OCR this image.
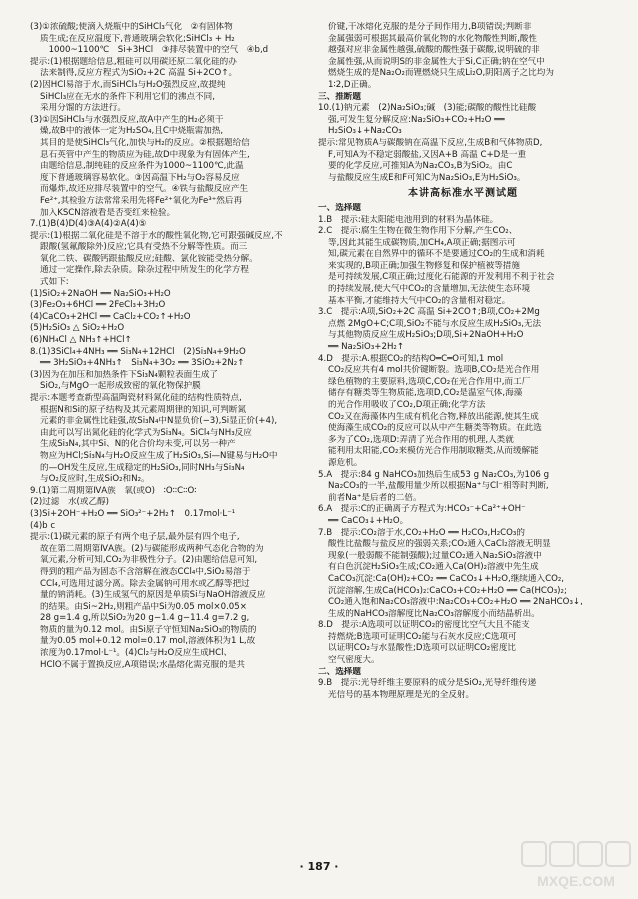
(3)①浓硫酸;使滴入烧瓶中的SiHCl₃气化　②有固体物
质生成;在反应温度下,普通玻璃会软化;SiHCl₃ + H₂
　1000~1100℃　Si+3HCl　③排尽装置中的空气　④b,d
提示:(1)根据题给信息,粗硅可以用碳还原二氧化硅的办
法来制得,反应方程式为SiO₂+2C 高温 Si+2CO↑。
(2)因HCl易溶于水,而SiHCl₃与H₂O强烈反应,故提纯
SiHCl₃应在无水的条件下利用它们的沸点不同,
采用分馏的方法进行。
(3)①因SiHCl₃与水强烈反应,故A中产生的H₂必须干
燥,故B中的液体一定为H₂SO₄,且C中烧瓶需加热,
其目的是使SiHCl₃气化,加快与H₂的反应。②根据题给信
息石英管中产生的物质应为硅,故D中现象为有固体产生,
由题给信息,制纯硅的反应条件为1000~1100℃,此温
度下普通玻璃容易软化。③因高温下H₂与O₂容易反应
而爆炸,故还应排尽装置中的空气。④铁与盐酸反应产生
Fe²⁺,其检验方法常常采用先将Fe²⁺氧化为Fe³⁺然后再
加入KSCN溶液看是否变红来检验。
7.(1)B(4)D(4)③A(4)②A(4)⑤
提示:(1)根据二氧化硅是不溶于水的酸性氧化物,它可跟强碱反应,不
跟酸(氢氟酸除外)反应;它具有受热不分解等性质。而三
氧化二铁、碳酸钙跟盐酸反应;硅酸、氯化铵能受热分解。
通过一定操作,除去杂质。除杂过程中所发生的化学方程
式如下:
(1)SiO₂+2NaOH ══ Na₂SiO₃+H₂O
(3)Fe₂O₃+6HCl ══ 2FeCl₃+3H₂O
(4)CaCO₃+2HCl ══ CaCl₂+CO₂↑+H₂O
(5)H₂SiO₃ △ SiO₂+H₂O
(6)NH₄Cl △ NH₃↑+HCl↑
8.(1)3SiCl₄+4NH₃ ══ Si₃N₄+12HCl　(2)Si₃N₄+9H₂O
══ 3H₂SiO₃+4NH₃↑　Si₃N₄+3O₂ ══ 3SiO₂+2N₂↑
(3)因为在加压和加热条件下Si₃N₄颗粒表面生成了
SiO₂,与MgO一起形成致密的氧化物保护膜
提示:本题考查新型高温陶瓷材料氮化硅的结构性质特点,
根据N和Si的原子结构及其元素周期律的知识,可判断氮
元素的非金属性比硅强,故Si₃N₄中N显负价(−3),Si显正价(+4),
由此可以写出氮化硅的化学式为Si₃N₄。SiCl₄与NH₃反应
生成Si₃N₄,其中Si、N的化合价均未变,可以另一种产
物应为HCl;Si₃N₄与H₂O反应生成了H₂SiO₃,Si—N键易与H₂O中
的—OH发生反应,生成稳定的H₂SiO₃,同时NH₃与Si₃N₄
与O₂反应时,生成SiO₂和N₂。
9.(1)第二周期第ⅣA族　氧(或O)　∶Ö∶∶C∶∶Ö∶
(2)过滤　水(或乙醇)
(3)Si+2OH⁻+H₂O ══ SiO₃²⁻+2H₂↑　0.17mol·L⁻¹
(4)b c
提示:(1)碳元素的原子有两个电子层,最外层有四个电子,
故在第二周期第ⅣA族。(2)与碳能形成两种气态化合物的为
氧元素,分析可知,CO₂为非极性分子。(2)由题给信息可知,
得到的粗产品为固态不含溶解在液态CCl₄中,SiO₂易溶于
CCl₄,可选用过滤分离。除去金属钠可用水或乙醇等把过
量的钠消耗。(3)生成氢气的原因是单质Si与NaOH溶液反应
的结果。由Si~2H₂,则粗产品中Si为0.05 mol×0.05×
28 g=1.4 g,所以SiO₂为20 g−1.4 g−11.4 g=7.2 g,
物质的量为0.12 mol。由Si原子守恒知Na₂SiO₃的物质的
量为0.05 mol+0.12 mol=0.17 mol,溶液体积为1 L,故
浓度为0.17mol·L⁻¹。(4)Cl₂与H₂O反应生成HCl、
HClO不属于置换反应,A项错误;水晶熔化需克服的是共
价键,干冰熔化克服的是分子间作用力,B项错误;判断非
金属强弱可根据其最高价氧化物的水化物酸性判断,酸性
越强对应非金属性越强,硫酸的酸性强于碳酸,说明硫的非
金属性强,从而说明S的非金属性大于Si,C正确;钠在空气中
燃烧生成的是Na₂O₂而锂燃烧只生成Li₂O,阴阳离子之比均为
1∶2,D正确。
三、推断题
10.(1)钠元素　(2)Na₂SiO₃;碱　(3)能;碳酸的酸性比硅酸
强,可发生复分解反应:Na₂SiO₃+CO₂+H₂O ══
H₂SiO₃↓+Na₂CO₃
提示:常见物质A与碳酸钠在高温下反应,生成B和气体物质D,
F,可知A为不稳定弱酸盐,又因A+B 高温 C+D是一重
要的化学反应,可推知A为Na₂CO₃,B为SiO₂。由C
与盐酸反应生成E和F可知C为Na₂SiO₃,E为H₂SiO₃。
本讲高标准水平测试题
一、选择题
1.B　提示:硅太阳能电池用到的材料为晶体硅。
2.C　提示:腐生生物在微生物作用下分解,产生CO₂、
等,因此其能生成碳物质,加CH₄,A项正确;据图示可
知,碳元素在自然界中的循环不是要通过CO₂的生成和消耗
来实现的,B项正确;加强生物修复和保护植被等措施
是可持续发展,C项正确;过度化石能源的开发利用不利于社会
的持续发展,使大气中CO₂的含量增加,无法使生态环境
基本平衡,才能维持大气中CO₂的含量相对稳定。
3.C　提示:A项,SiO₂+2C 高温 Si+2CO↑;B项,CO₂+2Mg
点燃 2MgO+C;C项,SiO₂不能与水反应生成H₂SiO₃,无法
与其他物质反应生成H₂SiO₃;D项,Si+2NaOH+H₂O
══ Na₂SiO₃+2H₂↑
4.D　提示:A.根据CO₂的结构O═C═O可知,1 mol
CO₂反应共有4 mol共价键断裂。选项B,CO₂是光合作用
绿色植物的主要原料,选项C,CO₂在光合作用中,而工厂
储存有糖类等生物质能,选项D,CO₂是温室气体,海藻
的光合作用吸收了CO₂,D项正确;化学方法
CO₂又在海藻体内生成有机化合物,释放出能源,使其生成
使海藻生成CO₂的反应可以从中产生糖类等物质。在此选
多为了CO₂,选项D:弄清了光合作用的机理,人类就
能利用太阳能,CO₂来模仿光合作用制取糖类,从而缓解能
源危机。
5.A　提示:84 g NaHCO₃加热后生成53 g Na₂CO₃,为106 g
Na₂CO₃的一半,盐酸用量少所以根据Na⁺与Cl⁻相等时判断,
前者Na⁺是后者的二倍。
6.A　提示:C的正确离子方程式为:HCO₃⁻+Ca²⁺+OH⁻
══ CaCO₃↓+H₂O。
7.B　提示:CO₂溶于水,CO₂+H₂O ══ H₂CO₃,H₂CO₃的
酸性比盐酸与盐反应的强弱关系;CO₂通入CaCl₂溶液无明显
现象(一般弱酸不能制强酸);过量CO₂通入Na₂SiO₃溶液中
有白色沉淀H₂SiO₃生成;CO₂通入Ca(OH)₂溶液中先生成
CaCO₃沉淀:Ca(OH)₂+CO₂ ══ CaCO₃↓+H₂O,继续通入CO₂,
沉淀溶解,生成Ca(HCO₃)₂:CaCO₃+CO₂+H₂O ══ Ca(HCO₃)₂;
CO₂通入饱和Na₂CO₃溶液中:Na₂CO₃+CO₂+H₂O ══ 2NaHCO₃↓,
生成的NaHCO₃溶解度比Na₂CO₃溶解度小而结晶析出。
8.D　提示:A选项可以证明CO₂的密度比空气大且不能支
持燃烧;B选项可证明CO₂能与石灰水反应;C选项可
以证明CO₂与水显酸性;D选项可以证明CO₂密度比
空气密度大。
二、选择题
9.B　提示:光导纤维主要原料的成分是SiO₂,光导纤维传递
光信号的基本物理原理是光的全反射。
· 187 ·
MXQE.COM
